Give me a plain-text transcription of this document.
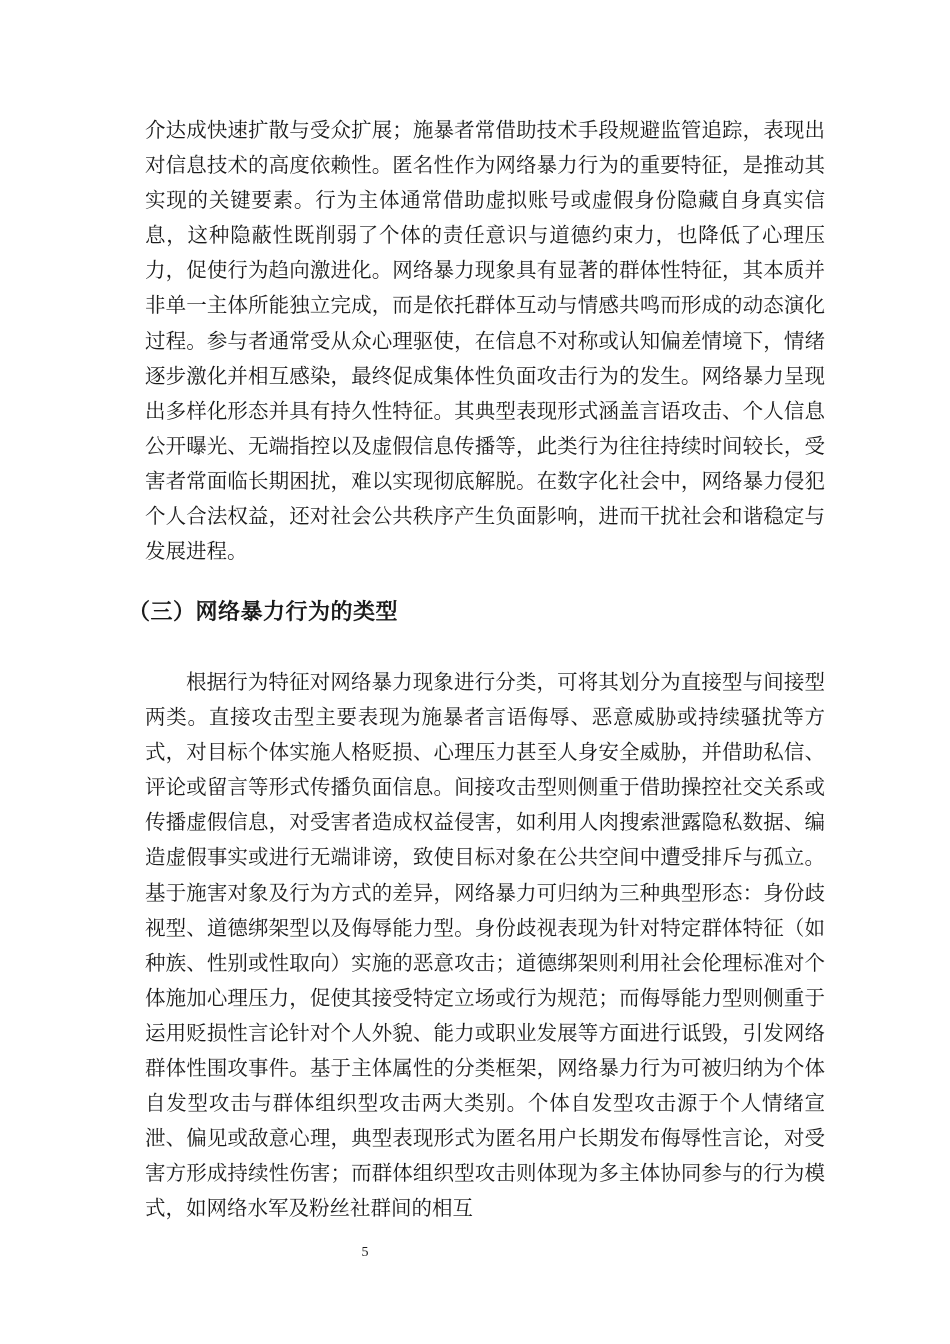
介达成快速扩散与受众扩展；施暴者常借助技术手段规避监管追踪，表现出对信息技术的高度依赖性。匿名性作为网络暴力行为的重要特征，是推动其实现的关键要素。行为主体通常借助虚拟账号或虚假身份隐藏自身真实信息，这种隐蔽性既削弱了个体的责任意识与道德约束力，也降低了心理压力，促使行为趋向激进化。网络暴力现象具有显著的群体性特征，其本质并非单一主体所能独立完成，而是依托群体互动与情感共鸣而形成的动态演化过程。参与者通常受从众心理驱使，在信息不对称或认知偏差情境下，情绪逐步激化并相互感染，最终促成集体性负面攻击行为的发生。网络暴力呈现出多样化形态并具有持久性特征。其典型表现形式涵盖言语攻击、个人信息公开曝光、无端指控以及虚假信息传播等，此类行为往往持续时间较长，受害者常面临长期困扰，难以实现彻底解脱。在数字化社会中，网络暴力侵犯个人合法权益，还对社会公共秩序产生负面影响，进而干扰社会和谐稳定与发展进程。

（三）网络暴力行为的类型

根据行为特征对网络暴力现象进行分类，可将其划分为直接型与间接型两类。直接攻击型主要表现为施暴者言语侮辱、恶意威胁或持续骚扰等方式，对目标个体实施人格贬损、心理压力甚至人身安全威胁，并借助私信、评论或留言等形式传播负面信息。间接攻击型则侧重于借助操控社交关系或传播虚假信息，对受害者造成权益侵害，如利用人肉搜索泄露隐私数据、编造虚假事实或进行无端诽谤，致使目标对象在公共空间中遭受排斥与孤立。基于施害对象及行为方式的差异，网络暴力可归纳为三种典型形态：身份歧视型、道德绑架型以及侮辱能力型。身份歧视表现为针对特定群体特征（如种族、性别或性取向）实施的恶意攻击；道德绑架则利用社会伦理标准对个体施加心理压力，促使其接受特定立场或行为规范；而侮辱能力型则侧重于运用贬损性言论针对个人外貌、能力或职业发展等方面进行诋毁，引发网络群体性围攻事件。基于主体属性的分类框架，网络暴力行为可被归纳为个体自发型攻击与群体组织型攻击两大类别。个体自发型攻击源于个人情绪宣泄、偏见或敌意心理，典型表现形式为匿名用户长期发布侮辱性言论，对受害方形成持续性伤害；而群体组织型攻击则体现为多主体协同参与的行为模式，如网络水军及粉丝社群间的相互

5
